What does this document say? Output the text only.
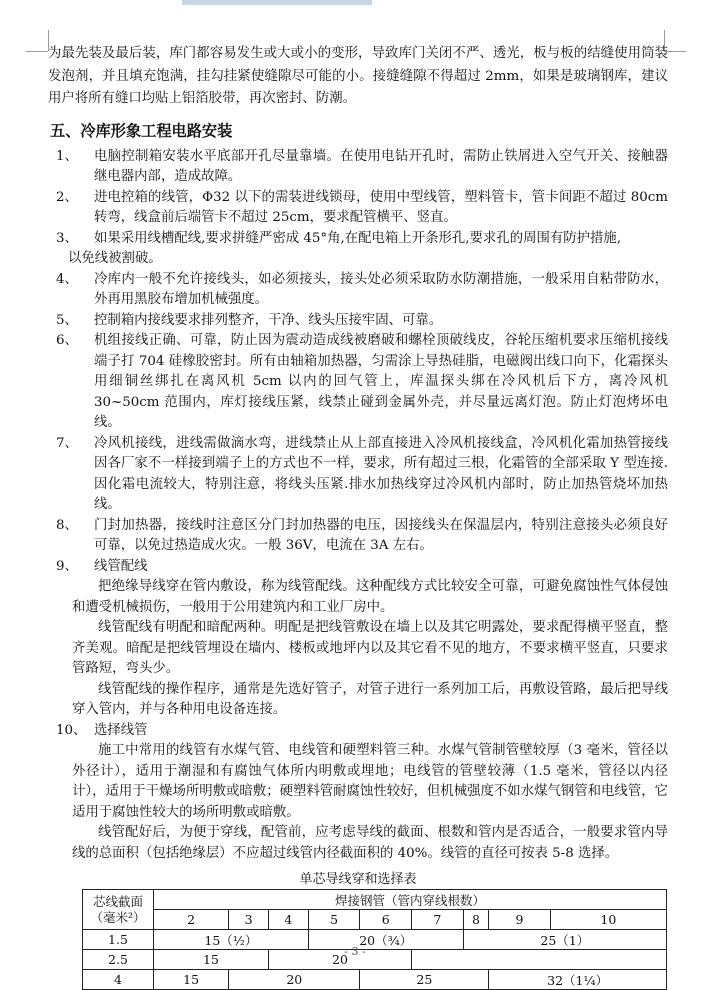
为最先装及最后装，库门都容易发生或大或小的变形，导致库门关闭不严、透光，板与板的结缝使用筒装发泡剂，并且填充饱满，挂勾挂紧使缝隙尽可能的小。接缝缝隙不得超过 2mm，如果是玻璃钢库，建议用户将所有缝口均贴上铝箔胶带，再次密封、防潮。

五、冷库形象工程电路安装
1、	电脑控制箱安装水平底部开孔尽量靠墙。在使用电钻开孔时，需防止铁屑进入空气开关、接触器继电器内部，造成故障。
2、	进电控箱的线管，Φ32 以下的需装进线锁母，使用中型线管，塑料管卡，管卡间距不超过 80cm 转弯，线盒前后端管卡不超过 25cm，要求配管横平、竖直。
3、	如果采用线槽配线,要求拼缝严密成 45°角,在配电箱上开条形孔,要求孔的周围有防护措施,

以免线被割破。

4、	冷库内一般不允许接线头，如必须接头，接头处必须采取防水防潮措施，一般采用自粘带防水，外再用黑胶布增加机械强度。
5、	控制箱内接线要求排列整齐，干净、线头压接牢固、可靠。
6、	机组接线正确、可靠，防止因为震动造成线被磨破和螺栓顶破线皮，谷轮压缩机要求压缩机接线端子打 704 硅橡胶密封。所有由轴箱加热器，匀需涂上导热硅脂，电磁阀出线口向下，化霜探头用细铜丝绑扎在离风机 5cm 以内的回气管上，库温探头绑在冷风机后下方，离冷风机 30~50cm 范围内，库灯接线压紧，线禁止碰到金属外壳，并尽量远离灯泡。防止灯泡烤坏电线。
7、	冷风机接线，进线需做滴水弯，进线禁止从上部直接进入冷风机接线盒，冷风机化霜加热管接线因各厂家不一样接到端子上的方式也不一样，要求，所有超过三根，化霜管的全部采取 Y 型连接.因化霜电流较大，特别注意，将线头压紧.排水加热线穿过冷风机内部时，防止加热管烧坏加热线。
8、	门封加热器，接线时注意区分门封加热器的电压，因接线头在保温层内，特别注意接头必须良好可靠，以免过热造成火灾。一般 36V，电流在 3A 左右。
9、	线管配线

把绝缘导线穿在管内敷设，称为线管配线。这种配线方式比较安全可靠，可避免腐蚀性气体侵蚀和遭受机械损伤，一般用于公用建筑内和工业厂房中。

线管配线有明配和暗配两种。明配是把线管敷设在墙上以及其它明露处，要求配得横平竖直，整齐美观。暗配是把线管埋设在墙内、楼板或地坪内以及其它看不见的地方，不要求横平竖直，只要求管路短，弯头少。

线管配线的操作程序，通常是先选好管子，对管子进行一系列加工后，再敷设管路，最后把导线穿入管内，并与各种用电设备连接。

10、 选择线管

施工中常用的线管有水煤气管、电线管和硬塑料管三种。水煤气管制管壁较厚（3 毫米，管径以外径计），适用于潮湿和有腐蚀气体所内明敷或埋地；电线管的管壁较薄（1.5 毫米，管径以内径计），适用于干燥场所明敷或暗敷；硬塑料管耐腐蚀性较好，但机械强度不如水煤气钢管和电线管，它适用于腐蚀性较大的场所明敷或暗敷。

线管配好后，为便于穿线，配管前，应考虑导线的截面、根数和管内是否适合，一般要求管内导线的总面积（包括绝缘层）不应超过线管内径截面积的 40%。线管的直径可按表 5-8 选择。

单芯导线穿和选择表
芯线截面
（毫米²）	焊接钢管（管内穿线根数）								
	2	3	4	5	6	7	8	9	10
1.5	15（½）			20（¾）			25（1）		
2.5	15		20						
4	15	20			25			32（1¼）	
- 3 -
